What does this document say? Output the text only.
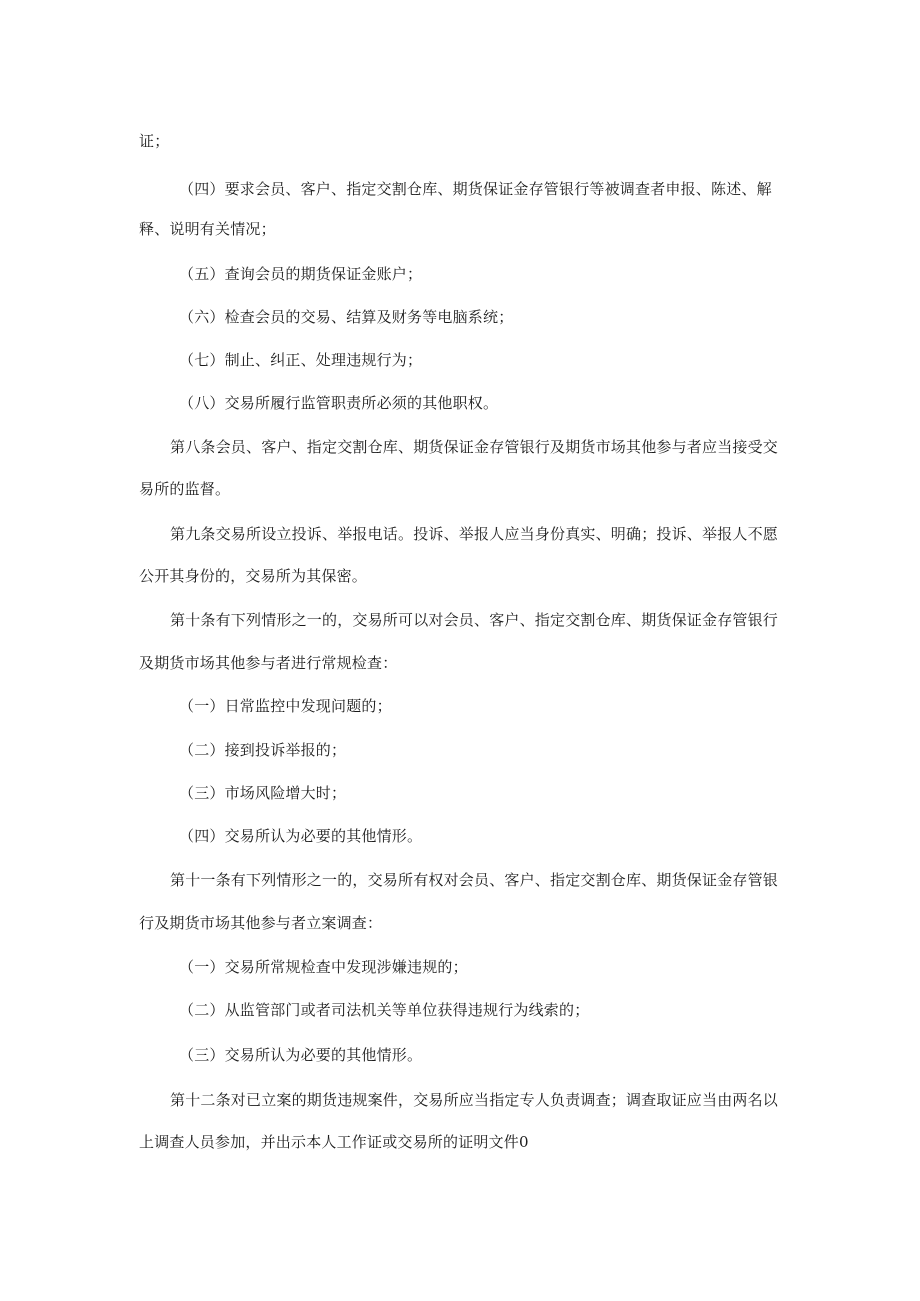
证；
（四）要求会员、客户、指定交割仓库、期货保证金存管银行等被调查者申报、陈述、解
释、说明有关情况；
（五）查询会员的期货保证金账户；
（六）检查会员的交易、结算及财务等电脑系统；
（七）制止、纠正、处理违规行为；
（八）交易所履行监管职责所必须的其他职权。
第八条会员、客户、指定交割仓库、期货保证金存管银行及期货市场其他参与者应当接受交
易所的监督。
第九条交易所设立投诉、举报电话。投诉、举报人应当身份真实、明确；投诉、举报人不愿
公开其身份的，交易所为其保密。
第十条有下列情形之一的，交易所可以对会员、客户、指定交割仓库、期货保证金存管银行
及期货市场其他参与者进行常规检查：
（一）日常监控中发现问题的；
（二）接到投诉举报的；
（三）市场风险增大时；
（四）交易所认为必要的其他情形。
第十一条有下列情形之一的，交易所有权对会员、客户、指定交割仓库、期货保证金存管银
行及期货市场其他参与者立案调查：
（一）交易所常规检查中发现涉嫌违规的；
（二）从监管部门或者司法机关等单位获得违规行为线索的；
（三）交易所认为必要的其他情形。
第十二条对已立案的期货违规案件，交易所应当指定专人负责调查；调查取证应当由两名以
上调查人员参加，并出示本人工作证或交易所的证明文件0
